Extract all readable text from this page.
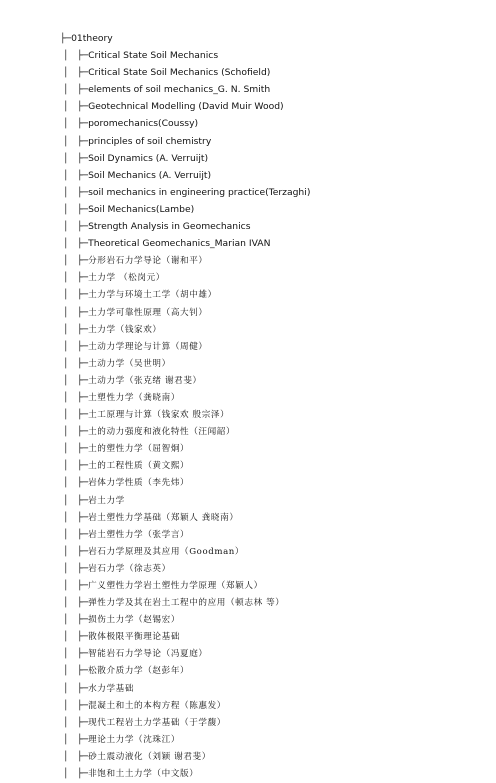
├─01theory
│ ├─Critical State Soil Mechanics
│ ├─Critical State Soil Mechanics (Schofield)
│ ├─elements of soil mechanics_G. N. Smith
│ ├─Geotechnical Modelling (David Muir Wood)
│ ├─poromechanics(Coussy)
│ ├─principles of soil chemistry
│ ├─Soil Dynamics (A. Verruijt)
│ ├─Soil Mechanics (A. Verruijt)
│ ├─soil mechanics in engineering practice(Terzaghi)
│ ├─Soil Mechanics(Lambe)
│ ├─Strength Analysis in Geomechanics
│ ├─Theoretical Geomechanics_Marian IVAN
│ ├─分形岩石力学导论（谢和平）
│ ├─土力学 （松岗元）
│ ├─土力学与环境土工学（胡中雄）
│ ├─土力学可靠性原理（高大钊）
│ ├─土力学（钱家欢）
│ ├─土动力学理论与计算（周健）
│ ├─土动力学（吴世明）
│ ├─土动力学（张克绪 谢君斐）
│ ├─土塑性力学（龚晓南）
│ ├─土工原理与计算（钱家欢 殷宗泽）
│ ├─土的动力强度和液化特性（汪闻韶）
│ ├─土的塑性力学（屈智炯）
│ ├─土的工程性质（黄文熙）
│ ├─岩体力学性质（李先炜）
│ ├─岩土力学
│ ├─岩土塑性力学基础（郑颖人 龚晓南）
│ ├─岩土塑性力学（张学言）
│ ├─岩石力学原理及其应用（Goodman）
│ ├─岩石力学（徐志英）
│ ├─广义塑性力学岩土塑性力学原理（郑颖人）
│ ├─弹性力学及其在岩土工程中的应用（顿志林 等）
│ ├─损伤土力学（赵锡宏）
│ ├─散体极限平衡理论基础
│ ├─智能岩石力学导论（冯夏庭）
│ ├─松散介质力学（赵彭年）
│ ├─水力学基础
│ ├─混凝土和土的本构方程（陈惠发）
│ ├─现代工程岩土力学基础（于学馥）
│ ├─理论土力学（沈珠江）
│ ├─砂土震动液化（刘颖 谢君斐）
│ ├─非饱和土土力学（中文版）
